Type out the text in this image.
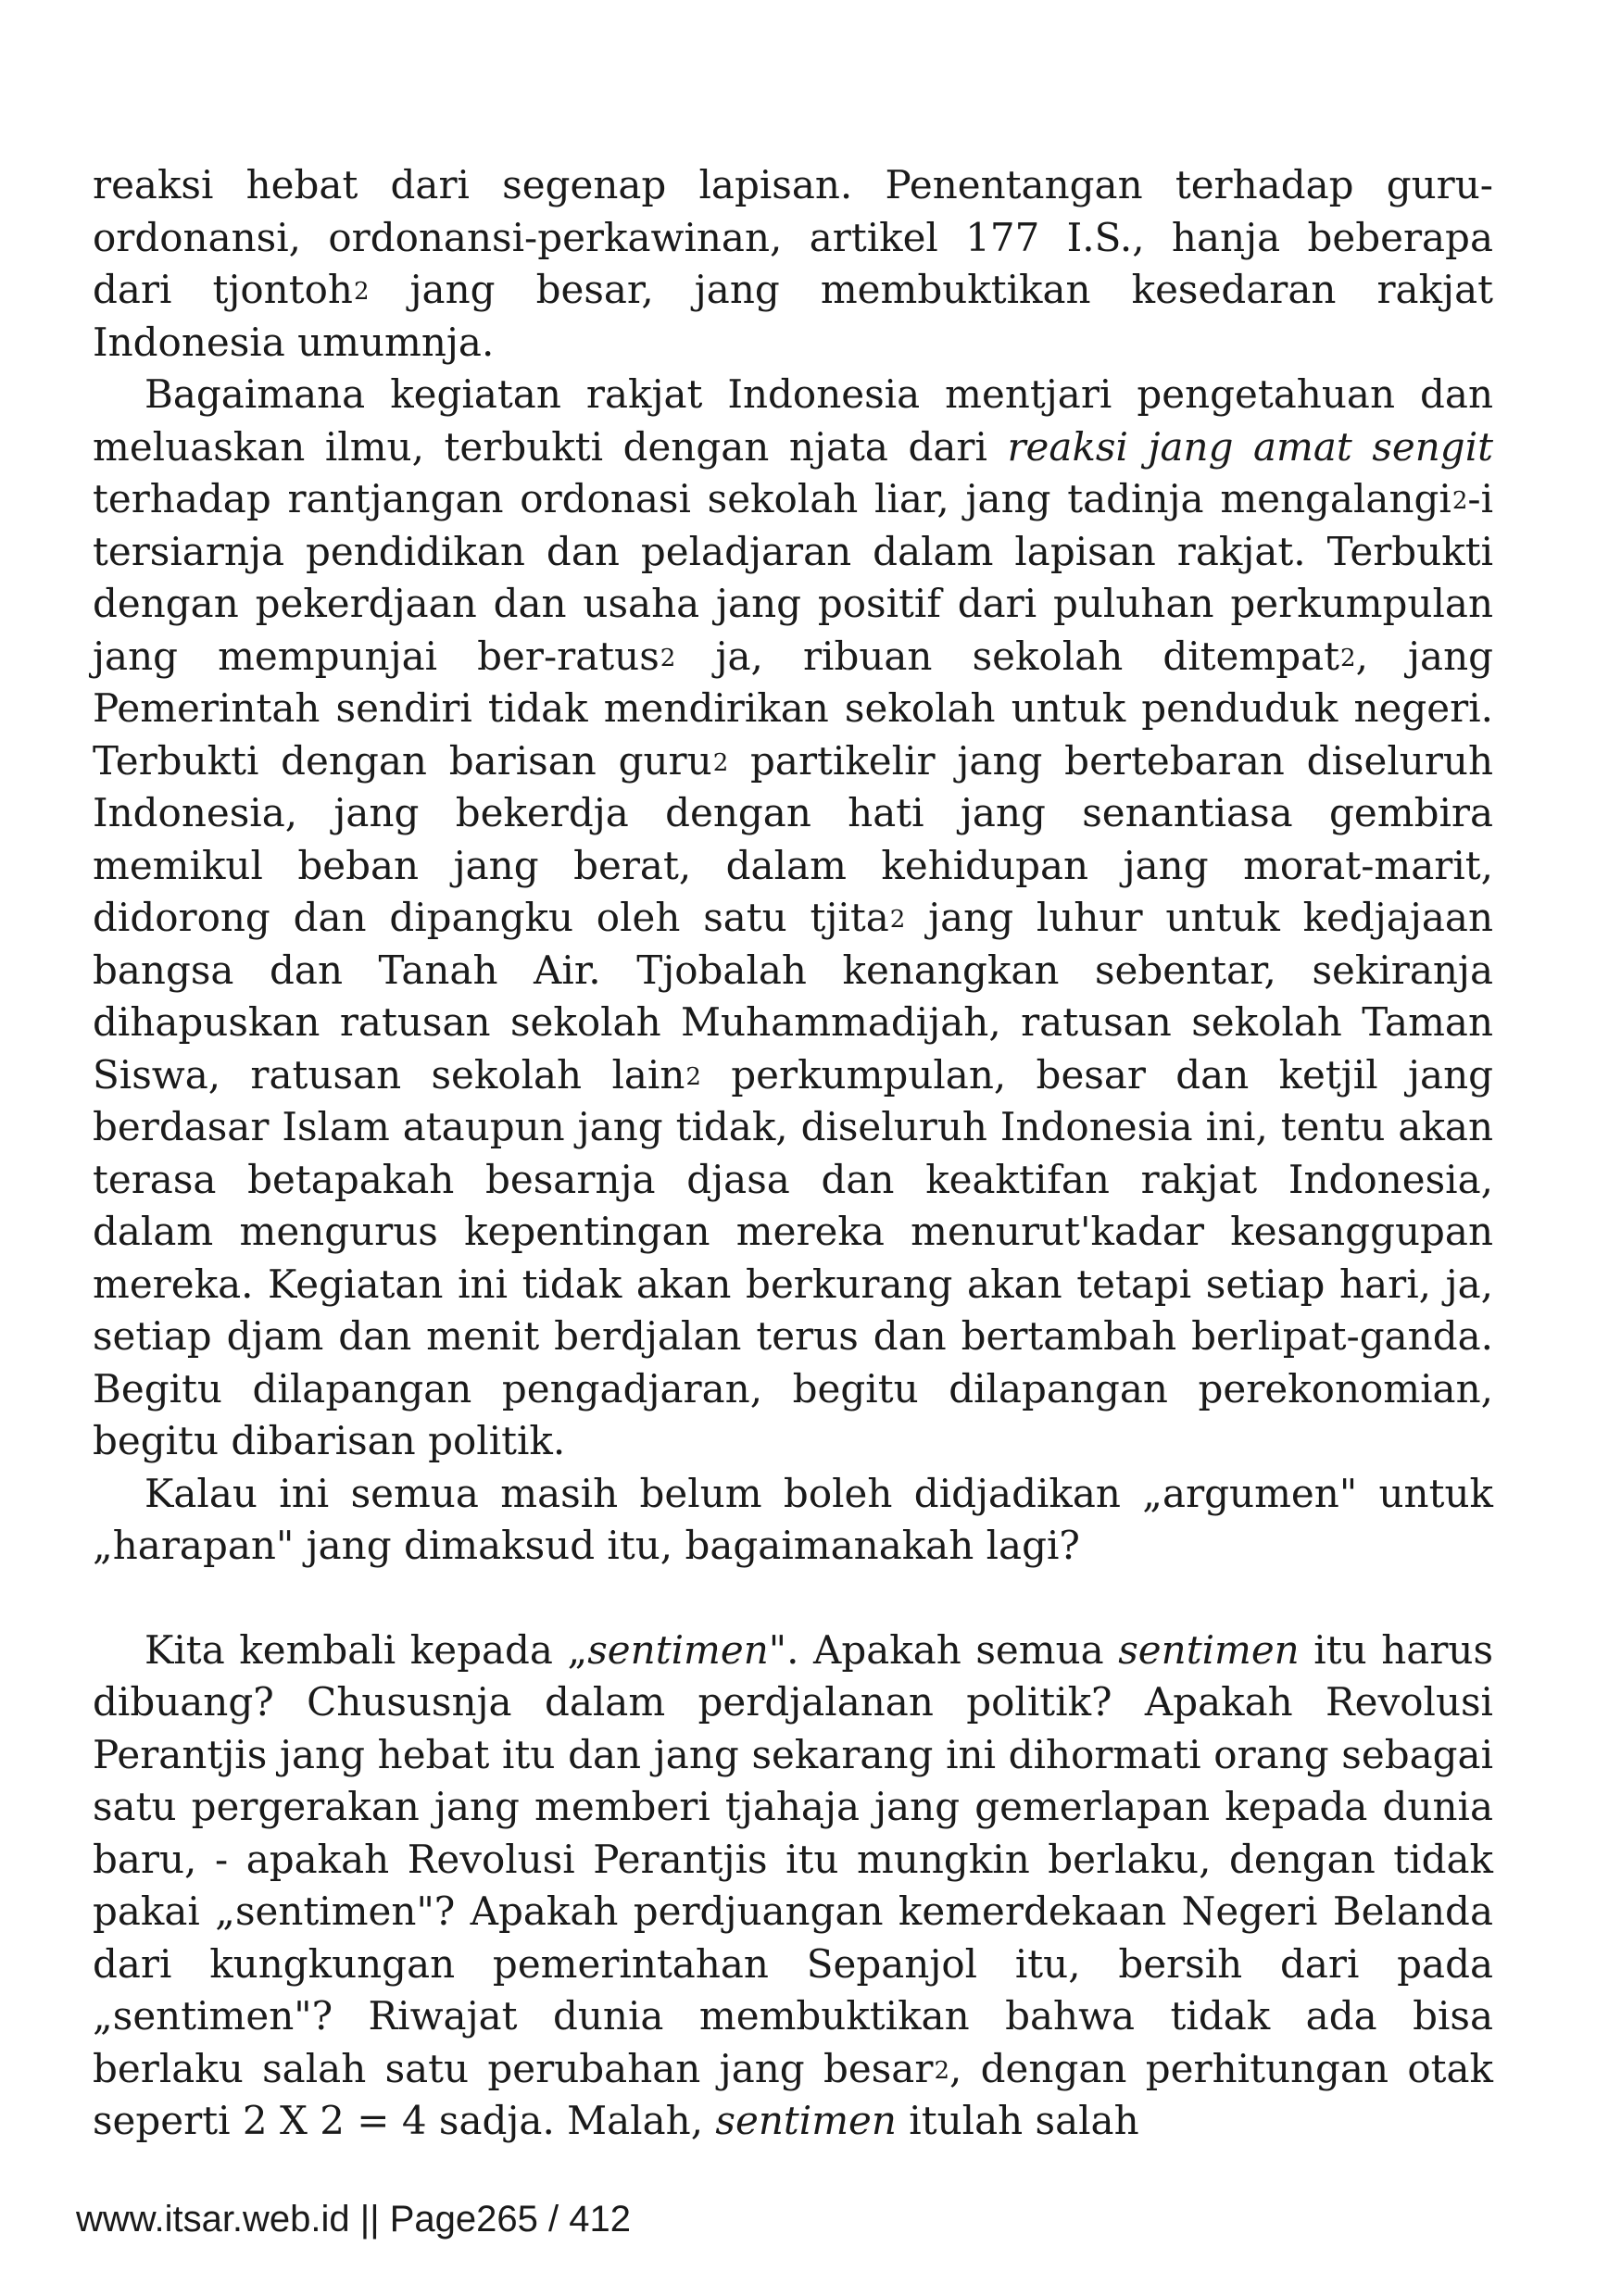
reaksi hebat dari segenap lapisan. Penentangan terhadap guru-ordonansi, ordonansi-perkawinan, artikel 177 I.S., hanja beberapa dari tjontoh$^2$ jang besar, jang membuktikan kesedaran rakjat Indonesia umumnja.

Bagaimana kegiatan rakjat Indonesia mentjari pengetahuan dan meluaskan ilmu, terbukti dengan njata dari reaksi jang amat sengit terhadap rantjangan ordonasi sekolah liar, jang tadinja mengalangi$^2$-i tersiarnja pendidikan dan peladjaran dalam lapisan rakjat. Terbukti dengan pekerdjaan dan usaha jang positif dari puluhan perkumpulan jang mempunjai ber-ratus$^2$ ja, ribuan sekolah ditempat$^2$, jang Pemerintah sendiri tidak mendirikan sekolah untuk penduduk negeri. Terbukti dengan barisan guru$^2$ partikelir jang bertebaran diseluruh Indonesia, jang bekerdja dengan hati jang senantiasa gembira memikul beban jang berat, dalam kehidupan jang morat-marit, didorong dan dipangku oleh satu tjita$^2$ jang luhur untuk kedjajaan bangsa dan Tanah Air. Tjobalah kenangkan sebentar, sekiranja dihapuskan ratusan sekolah Muhammadijah, ratusan sekolah Taman Siswa, ratusan sekolah lain$^2$ perkumpulan, besar dan ketjil jang berdasar Islam ataupun jang tidak, diseluruh Indonesia ini, tentu akan terasa betapakah besarnja djasa dan keaktifan rakjat Indonesia, dalam mengurus kepentingan mereka menurut'kadar kesanggupan mereka. Kegiatan ini tidak akan berkurang akan tetapi setiap hari, ja, setiap djam dan menit berdjalan terus dan bertambah berlipat-ganda. Begitu dilapangan pengadjaran, begitu dilapangan perekonomian, begitu dibarisan politik.

Kalau ini semua masih belum boleh didjadikan „argumen" untuk „harapan" jang dimaksud itu, bagaimanakah lagi?

Kita kembali kepada „sentimen". Apakah semua sentimen itu harus dibuang? Chususnja dalam perdjalanan politik? Apakah Revolusi Perantjis jang hebat itu dan jang sekarang ini dihormati orang sebagai satu pergerakan jang memberi tjahaja jang gemerlapan kepada dunia baru, - apakah Revolusi Perantjis itu mungkin berlaku, dengan tidak pakai „sentimen"? Apakah perdjuangan kemerdekaan Negeri Belanda dari kungkungan pemerintahan Sepanjol itu, bersih dari pada „sentimen"? Riwajat dunia membuktikan bahwa tidak ada bisa berlaku salah satu perubahan jang besar$^2$, dengan perhitungan otak seperti 2 X 2 = 4 sadja. Malah, sentimen itulah salah

www.itsar.web.id || Page265 / 412
